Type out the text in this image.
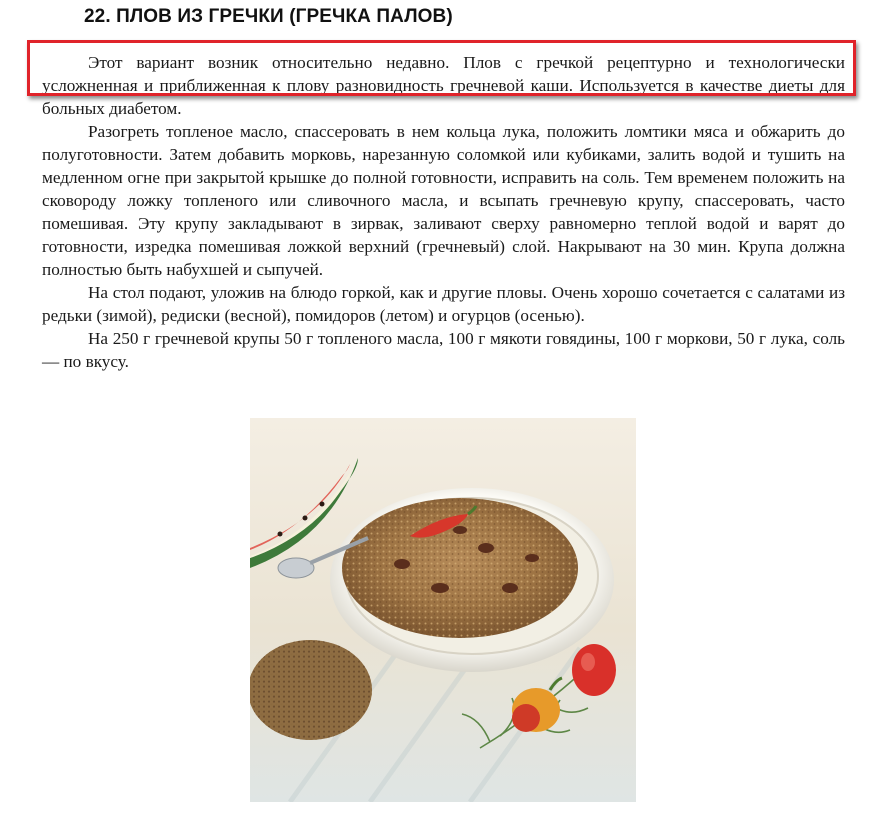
22. ПЛОВ ИЗ ГРЕЧКИ (ГРЕЧКА ПАЛОВ)

Этот вариант возник относительно недавно. Плов с гречкой рецептурно и технологически усложненная и приближенная к плову разновидность гречневой каши. Используется в качестве диеты для больных диабетом.

Разогреть топленое масло, спассеровать в нем кольца лука, положить ломтики мяса и обжарить до полуготовности. Затем добавить морковь, нарезанную соломкой или кубиками, залить водой и тушить на медленном огне при закрытой крышке до полной готовности, исправить на соль. Тем временем положить на сковороду ложку топленого или сливочного масла, и всыпать гречневую крупу, спассеровать, часто помешивая. Эту крупу закладывают в зирвак, заливают сверху равномерно теплой водой и варят до готовности, изредка помешивая ложкой верхний (гречневый) слой. Накрывают на 30 мин. Крупа должна полностью быть набухшей и сыпучей.

На стол подают, уложив на блюдо горкой, как и другие пловы. Очень хорошо сочетается с салатами из редьки (зимой), редиски (весной), помидоров (летом) и огурцов (осенью).

На 250 г гречневой крупы 50 г топленого масла, 100 г мякоти говядины, 100 г моркови, 50 г лука, соль — по вкусу.
